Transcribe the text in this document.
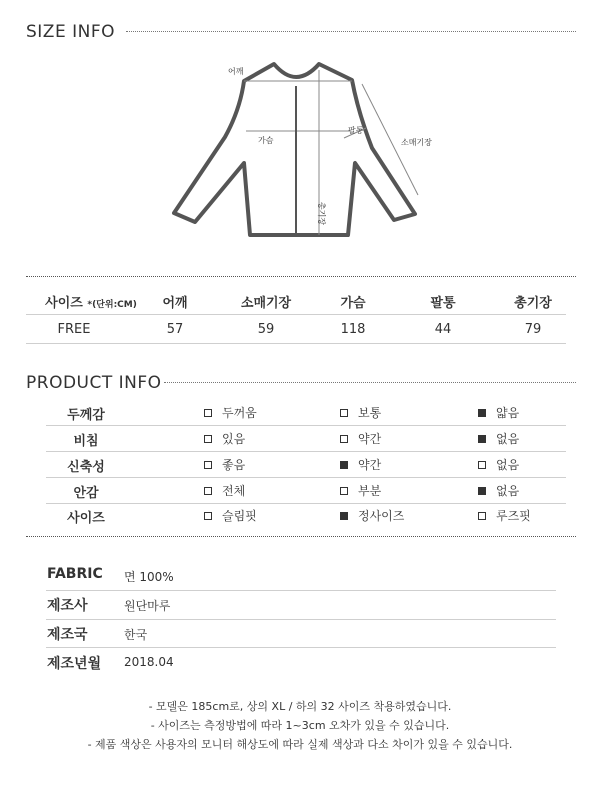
SIZE INFO
어깨
가슴
팔통
소매기장
총기장
사이즈 *(단위:CM) 어깨	소매기장	가슴	팔통	총기장
FREE	57	59	118	44	79
PRODUCT INFO
두께감	두꺼움	보통	얇음
비침	있음	약간	없음
신축성	좋음	약간	없음
안감	전체	부분	없음
사이즈	슬림핏	정사이즈	루즈핏
FABRIC 면 100%
제조사	원단마루
제조국	한국
제조년월 2018.04
- 모델은 185cm로, 상의 XL / 하의 32 사이즈 착용하였습니다.
- 사이즈는 측정방법에 따라 1~3cm 오차가 있을 수 있습니다.
- 제품 색상은 사용자의 모니터 해상도에 따라 실제 색상과 다소 차이가 있을 수 있습니다.
